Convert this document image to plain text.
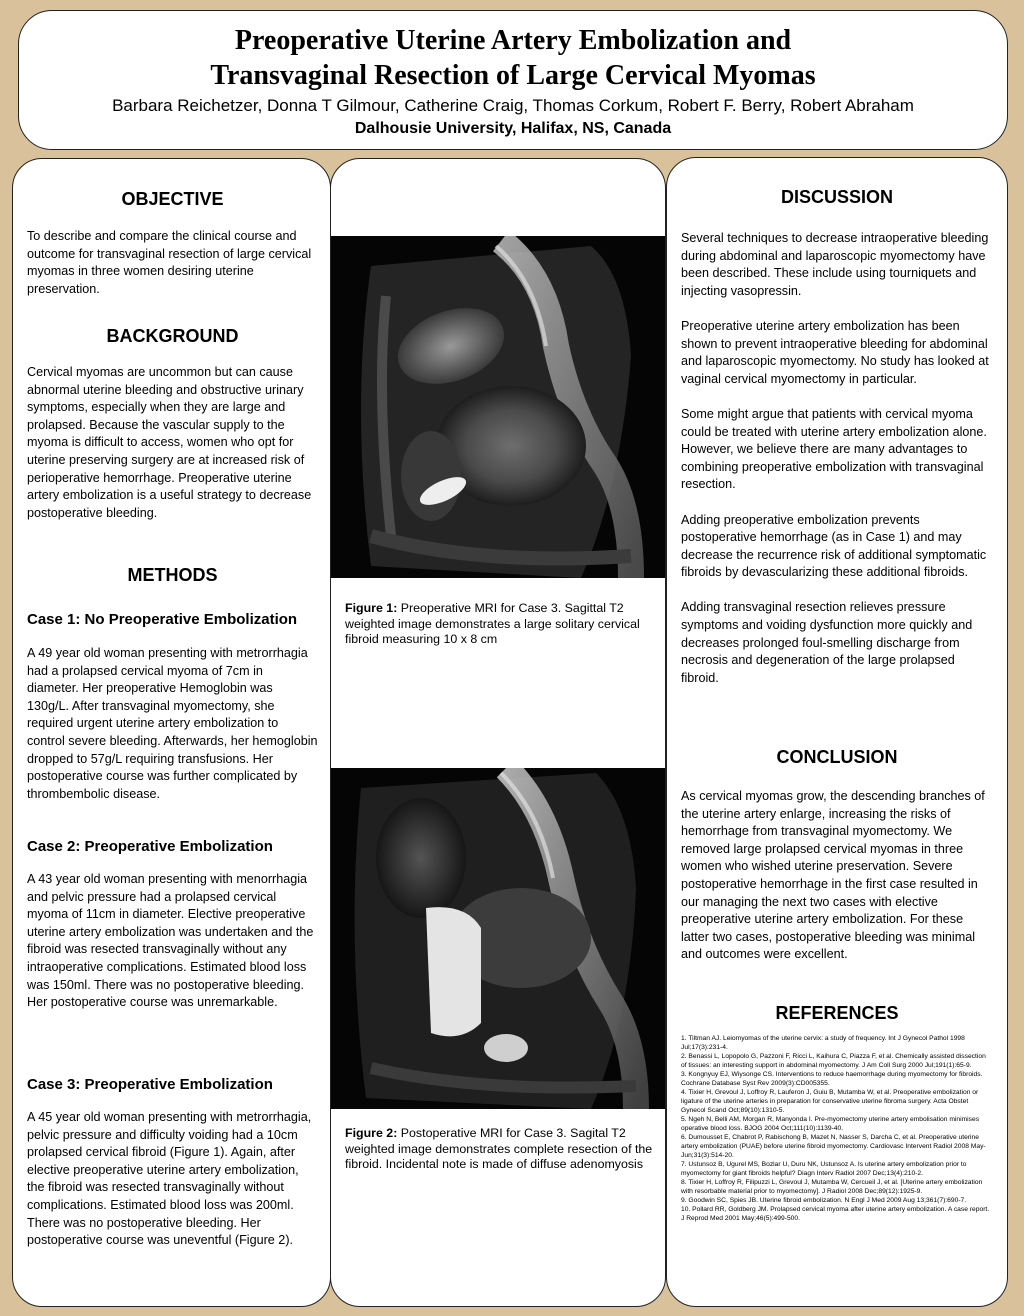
Preoperative Uterine Artery Embolization and
Transvaginal Resection of Large Cervical Myomas
Barbara Reichetzer, Donna T Gilmour, Catherine Craig, Thomas Corkum, Robert F. Berry, Robert Abraham
Dalhousie University, Halifax, NS, Canada
OBJECTIVE

To describe and compare the clinical course and outcome for transvaginal resection of large cervical myomas in three women desiring uterine preservation.

BACKGROUND

Cervical myomas are uncommon but can cause abnormal uterine bleeding and obstructive urinary symptoms, especially when they are large and prolapsed. Because the vascular supply to the myoma is difficult to access, women who opt for uterine preserving surgery are at increased risk of perioperative hemorrhage. Preoperative uterine artery embolization is a useful strategy to decrease postoperative bleeding.

METHODS
Case 1: No Preoperative Embolization

A 49 year old woman presenting with metrorrhagia had a prolapsed cervical myoma of 7cm in diameter. Her preoperative Hemoglobin was 130g/L. After transvaginal myomectomy, she required urgent uterine artery embolization to control severe bleeding. Afterwards, her hemoglobin dropped to 57g/L requiring transfusions. Her postoperative course was further complicated by thrombembolic disease.

Case 2: Preoperative Embolization

A 43 year old woman presenting with menorrhagia and pelvic pressure had a prolapsed cervical myoma of 11cm in diameter. Elective preoperative uterine artery embolization was undertaken and the fibroid was resected transvaginally without any intraoperative complications. Estimated blood loss was 150ml. There was no postoperative bleeding. Her postoperative course was unremarkable.

Case 3: Preoperative Embolization

A 45 year old woman presenting with metrorrhagia, pelvic pressure and difficulty voiding had a 10cm prolapsed cervical fibroid (Figure 1). Again, after elective preoperative uterine artery embolization, the fibroid was resected transvaginally without complications. Estimated blood loss was 200ml. There was no postoperative bleeding. Her postoperative course was uneventful (Figure 2).

Figure 1: Preoperative MRI for Case 3. Sagittal T2 weighted image demonstrates a large solitary cervical fibroid measuring 10 x 8 cm
Figure 2: Postoperative MRI for Case 3. Sagital T2 weighted image demonstrates complete resection of the fibroid. Incidental note is made of diffuse adenomyosis
DISCUSSION

Several techniques to decrease intraoperative bleeding during abdominal and laparoscopic myomectomy have been described. These include using tourniquets and injecting vasopressin.

Preoperative uterine artery embolization has been shown to prevent intraoperative bleeding for abdominal and laparoscopic myomectomy. No study has looked at vaginal cervical myomectomy in particular.

Some might argue that patients with cervical myoma could be treated with uterine artery embolization alone. However, we believe there are many advantages to combining preoperative embolization with transvaginal resection.

Adding preoperative embolization prevents postoperative hemorrhage (as in Case 1) and may decrease the recurrence risk of additional symptomatic fibroids by devascularizing these additional fibroids.

Adding transvaginal resection relieves pressure symptoms and voiding dysfunction more quickly and decreases prolonged foul-smelling discharge from necrosis and degeneration of the large prolapsed fibroid.

CONCLUSION

As cervical myomas grow, the descending branches of the uterine artery enlarge, increasing the risks of hemorrhage from transvaginal myomectomy. We removed large prolapsed cervical myomas in three women who wished uterine preservation. Severe postoperative hemorrhage in the first case resulted in our managing the next two cases with elective preoperative uterine artery embolization. For these latter two cases, postoperative bleeding was minimal and outcomes were excellent.

REFERENCES
1. Tiltman AJ. Leiomyomas of the uterine cervix: a study of frequency. Int J Gynecol Pathol 1998 Jul;17(3):231-4.
2. Benassi L, Lopopolo G, Pazzoni F, Ricci L, Kaihura C, Piazza F, et al. Chemically assisted dissection of tissues: an interesting support in abdominal myomectomy. J Am Coll Surg 2000 Jul;191(1):65-9.
3. Kongnyuy EJ, Wiysonge CS. Interventions to reduce haemorrhage during myomectomy for fibroids. Cochrane Database Syst Rev 2009(3):CD005355.
4. Tixier H, Grevoul J, Loffroy R, Lauferon J, Guiu B, Mutamba W, et al. Preoperative embolization or ligature of the uterine arteries in preparation for conservative uterine fibroma surgery. Acta Obstet Gynecol Scand Oct;89(10):1310-5.
5. Ngeh N, Belli AM, Morgan R, Manyonda I. Pre-myomectomy uterine artery embolisation minimises operative blood loss. BJOG 2004 Oct;111(10):1139-40.
6. Dumousset E, Chabrot P, Rabischong B, Mazet N, Nasser S, Darcha C, et al. Preoperative uterine artery embolization (PUAE) before uterine fibroid myomectomy. Cardiovasc Intervent Radiol 2008 May-Jun;31(3):514-20.
7. Ustunsoz B, Ugurel MS, Bozlar U, Duru NK, Ustunsoz A. Is uterine artery embolization prior to myomectomy for giant fibroids helpful? Diagn Interv Radiol 2007 Dec;13(4):210-2.
8. Tixier H, Loffroy R, Filipuzzi L, Grevoul J, Mutamba W, Cercueil J, et al. [Uterine artery embolization with resorbable material prior to myomectomy]. J Radiol 2008 Dec;89(12):1925-9.
9. Goodwin SC, Spies JB. Uterine fibroid embolization. N Engl J Med 2009 Aug 13;361(7):690-7.
10. Pollard RR, Goldberg JM. Prolapsed cervical myoma after uterine artery embolization. A case report. J Reprod Med 2001 May;46(5):499-500.
